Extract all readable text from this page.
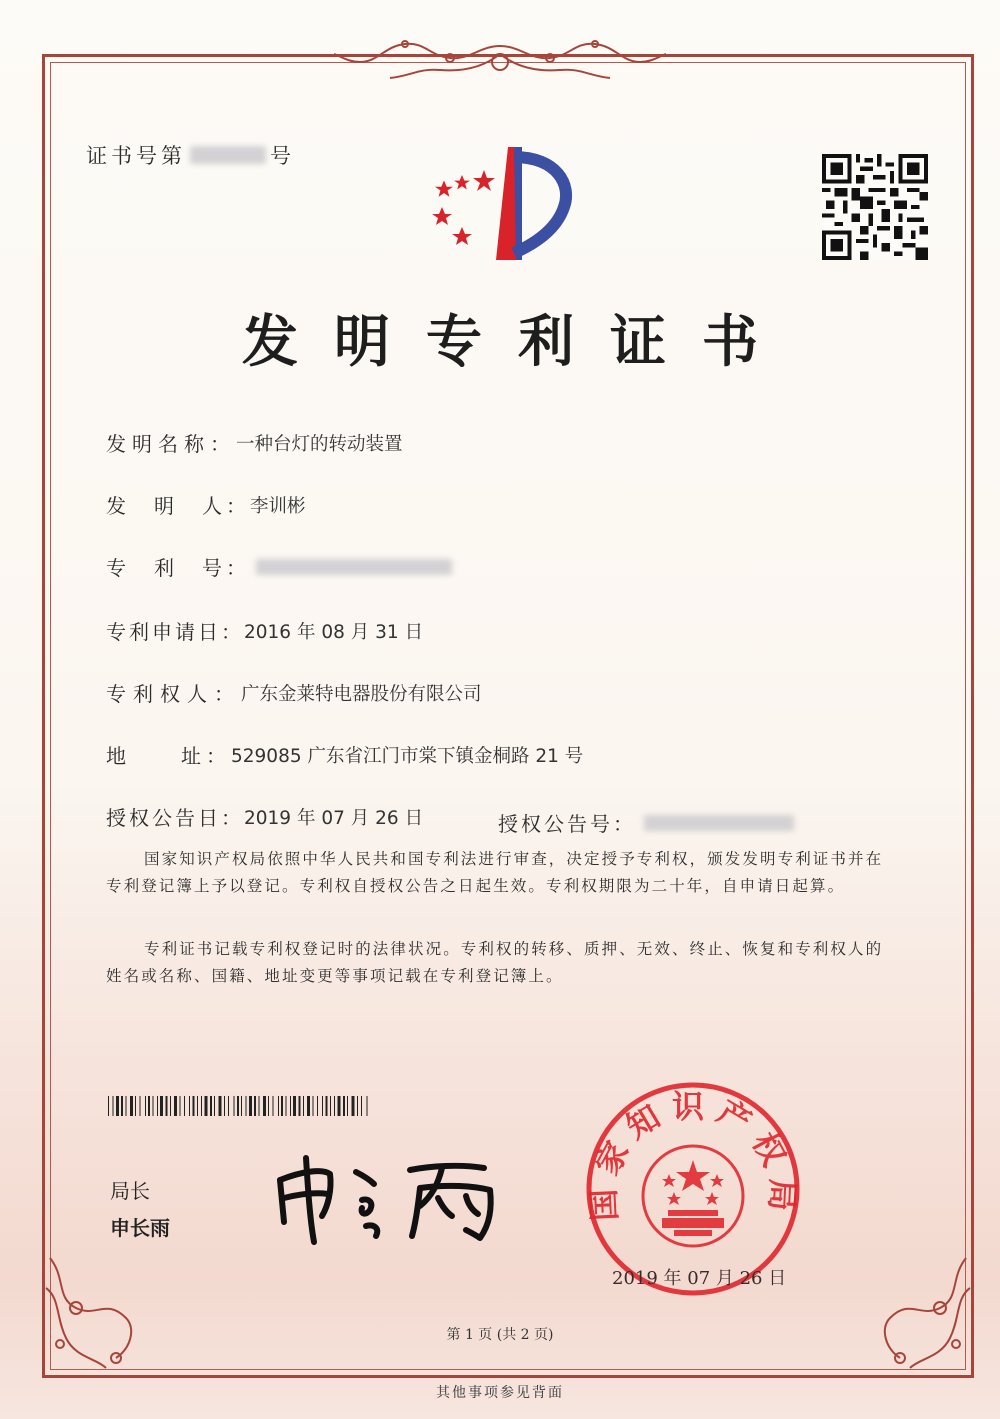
证书号第	号
发明专利证书
发明名称： 一种台灯的转动装置
发　明　人： 李训彬
专　利　号：
专利申请日： 2016 年 08 月 31 日
专利权人： 广东金莱特电器股份有限公司
地　　址： 529085 广东省江门市棠下镇金桐路 21 号
授权公告日： 2019 年 07 月 26 日	授权公告号：
国家知识产权局依照中华人民共和国专利法进行审查，决定授予专利权，颁发发明专利证书并在专利登记簿上予以登记。专利权自授权公告之日起生效。专利权期限为二十年，自申请日起算。
专利证书记载专利权登记时的法律状况。专利权的转移、质押、无效、终止、恢复和专利权人的姓名或名称、国籍、地址变更等事项记载在专利登记簿上。
局长
申长雨
国家知识产权局
2019 年 07 月 26 日
第 1 页 (共 2 页)
其他事项参见背面
